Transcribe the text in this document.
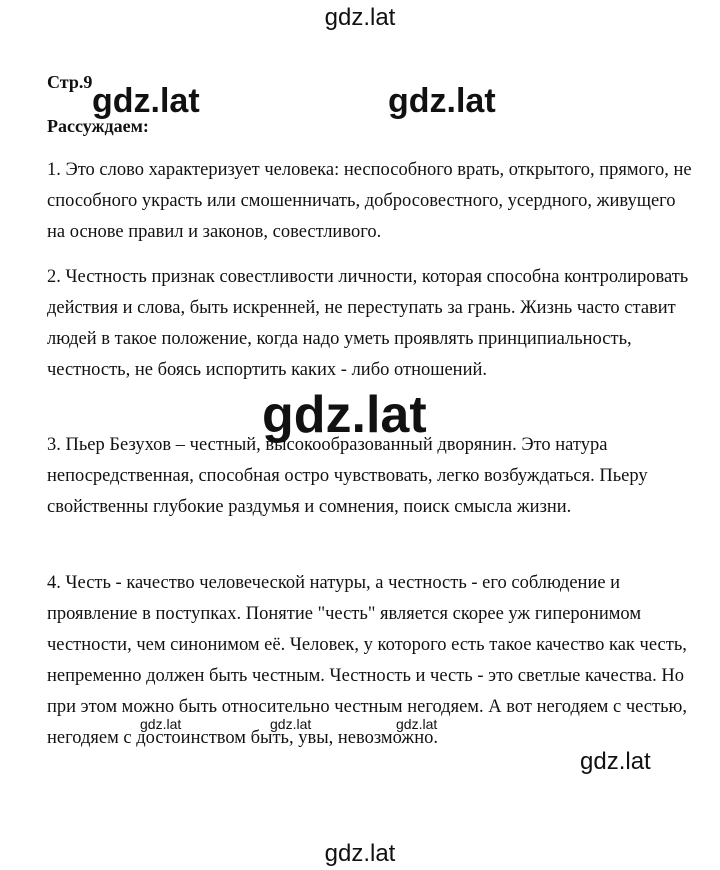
gdz.lat
Стр.9
Рассуждаем:

1. Это слово характеризует человека: неспособного врать, открытого, прямого, не способного украсть или смошенничать, добросовестного, усердного, живущего на основе правил и законов, совестливого.

2. Честность признак совестливости личности, которая способна контролировать действия и слова, быть искренней, не переступать за грань. Жизнь часто ставит людей в такое положение, когда надо уметь проявлять принципиальность, честность, не боясь испортить каких - либо отношений.

3. Пьер Безухов – честный, высокообразованный дворянин. Это натура непосредственная, способная остро чувствовать, легко возбуждаться. Пьеру свойственны глубокие раздумья и сомнения, поиск смысла жизни.

4. Честь - качество человеческой натуры, а честность - его соблюдение и проявление в поступках. Понятие "честь" является скорее уж гиперонимом честности, чем синонимом её. Человек, у которого есть такое качество как честь, непременно должен быть честным. Честность и честь - это светлые качества. Но при этом можно быть относительно честным негодяем. А вот негодяем с честью, негодяем с достоинством быть, увы, невозможно.

gdz.lat	gdz.lat
gdz.lat
gdz.lat	gdz.lat	gdz.lat
gdz.lat
gdz.lat
